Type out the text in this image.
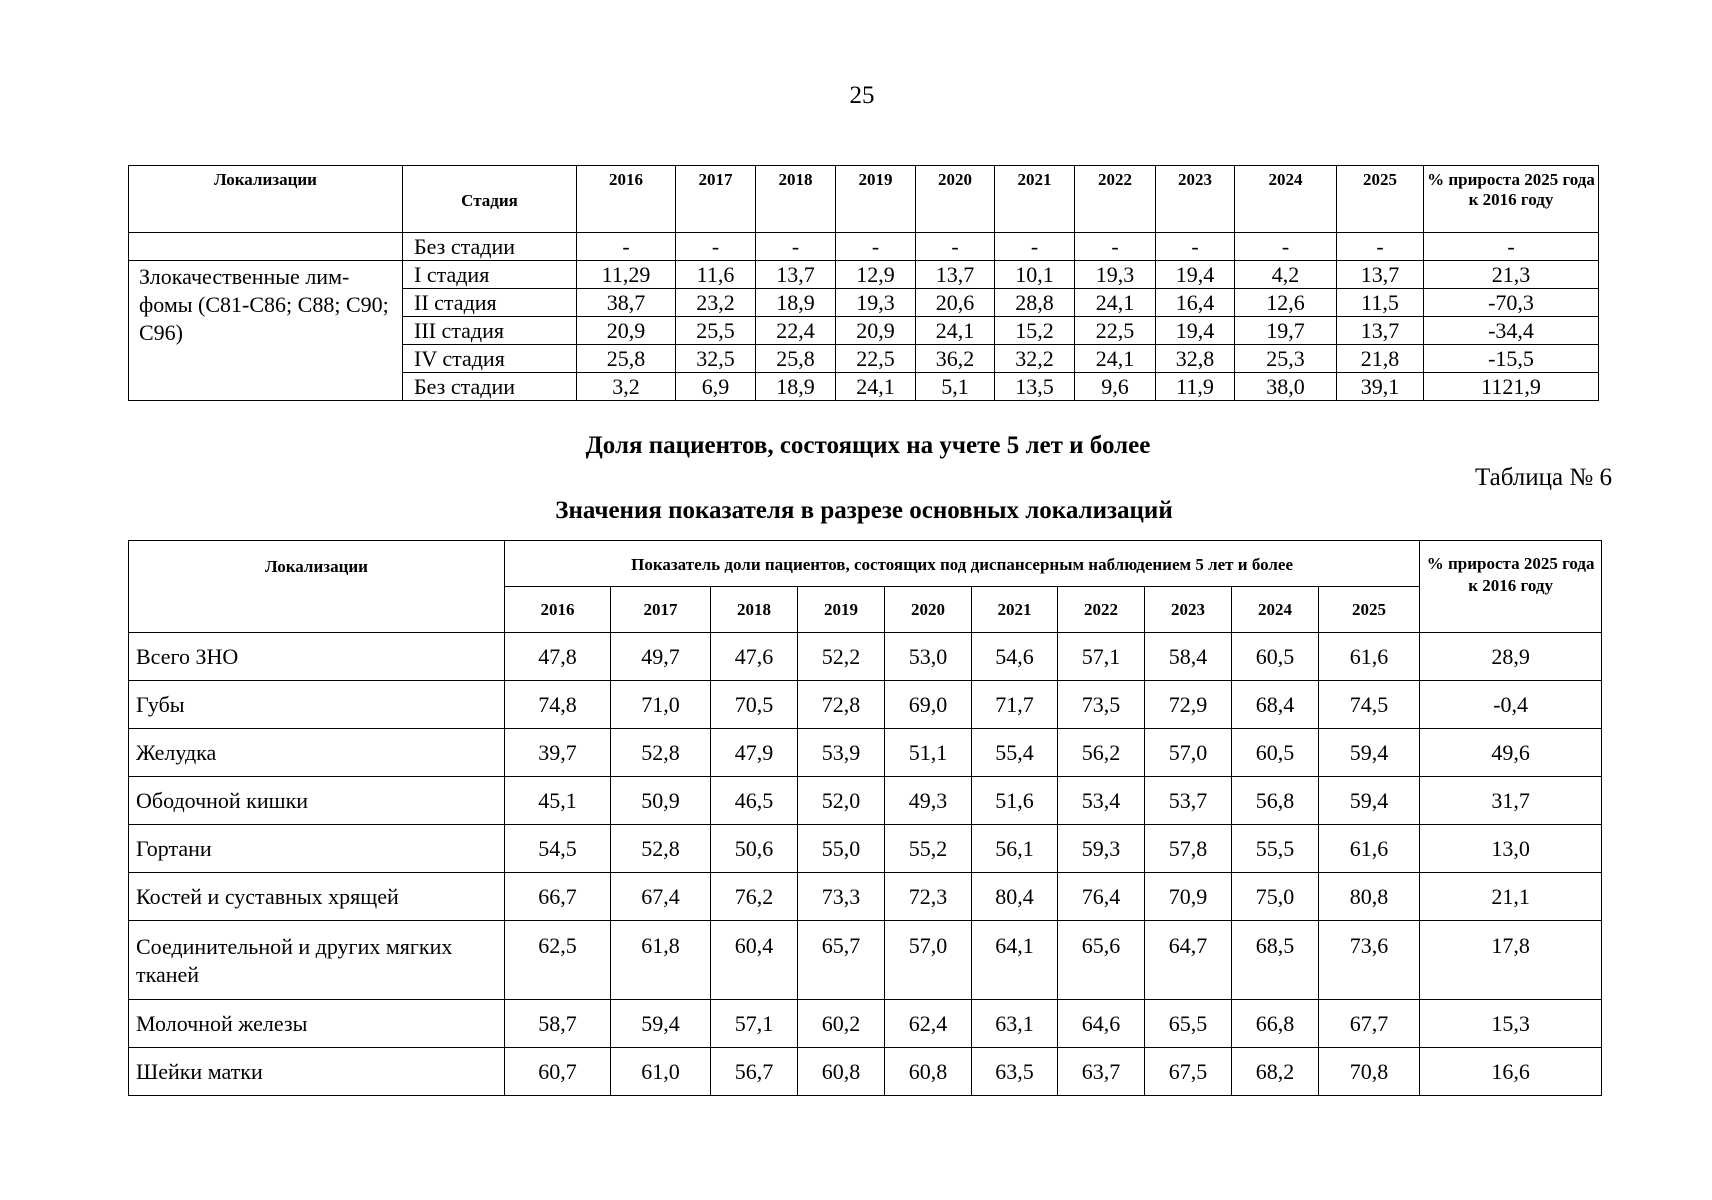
25
Локализации	Стадия	2016	2017	2018	2019	2020	2021	2022	2023	2024	2025	% прироста 2025 года к 2016 году
	Без стадии	-	-	-	-	-	-	-	-	-	-	-
Злокачественные лим-фомы (C81-C86; C88; C90; C96)	I стадия	11,29	11,6	13,7	12,9	13,7	10,1	19,3	19,4	4,2	13,7	21,3
	II стадия	38,7	23,2	18,9	19,3	20,6	28,8	24,1	16,4	12,6	11,5	-70,3
	III стадия	20,9	25,5	22,4	20,9	24,1	15,2	22,5	19,4	19,7	13,7	-34,4
	IV стадия	25,8	32,5	25,8	22,5	36,2	32,2	24,1	32,8	25,3	21,8	-15,5
	Без стадии	3,2	6,9	18,9	24,1	5,1	13,5	9,6	11,9	38,0	39,1	1121,9
Доля пациентов, состоящих на учете 5 лет и более
Таблица № 6
Значения показателя в разрезе основных локализаций
Локализации	Показатель доли пациентов, состоящих под диспансерным наблюдением 5 лет и более										% прироста 2025 года к 2016 году
	2016	2017	2018	2019	2020	2021	2022	2023	2024	2025	
Всего ЗНО	47,8	49,7	47,6	52,2	53,0	54,6	57,1	58,4	60,5	61,6	28,9
Губы	74,8	71,0	70,5	72,8	69,0	71,7	73,5	72,9	68,4	74,5	-0,4
Желудка	39,7	52,8	47,9	53,9	51,1	55,4	56,2	57,0	60,5	59,4	49,6
Ободочной кишки	45,1	50,9	46,5	52,0	49,3	51,6	53,4	53,7	56,8	59,4	31,7
Гортани	54,5	52,8	50,6	55,0	55,2	56,1	59,3	57,8	55,5	61,6	13,0
Костей и суставных хрящей	66,7	67,4	76,2	73,3	72,3	80,4	76,4	70,9	75,0	80,8	21,1
Соединительной и других мягких тканей	62,5	61,8	60,4	65,7	57,0	64,1	65,6	64,7	68,5	73,6	17,8
Молочной железы	58,7	59,4	57,1	60,2	62,4	63,1	64,6	65,5	66,8	67,7	15,3
Шейки матки	60,7	61,0	56,7	60,8	60,8	63,5	63,7	67,5	68,2	70,8	16,6
